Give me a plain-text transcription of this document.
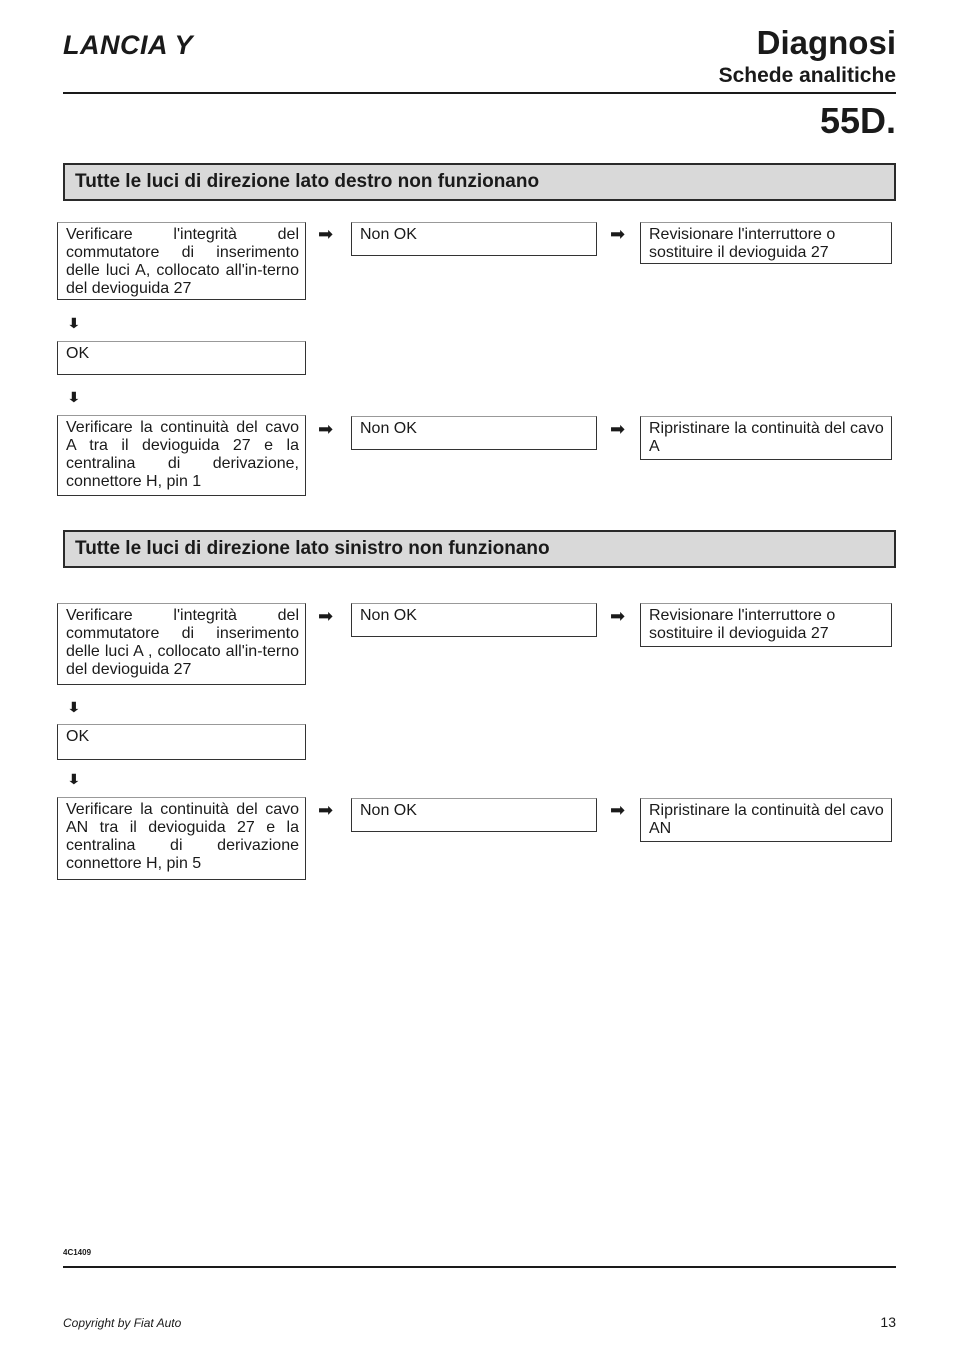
LANCIA Y	Diagnosi
Schede analitiche
55D.
Tutte le luci di direzione lato destro non funzionano
Verificare l'integrità del commutatore di inserimento delle luci A, collocato all'in-terno del devioguida 27
➡	Non OK	➡	Revisionare l'interruttore o sostituire il devioguida 27
⬇
OK
⬇
Verificare la continuità del cavo A tra il devioguida 27 e la centralina di derivazione, connettore H, pin 1
➡	Non OK	➡	Ripristinare la continuità del cavo A
Tutte le luci di direzione lato sinistro non funzionano
Verificare l'integrità del commutatore di inserimento delle luci A , collocato all'in-terno del devioguida 27
➡	Non OK	➡	Revisionare l'interruttore o sostituire il devioguida 27
⬇
OK
⬇
Verificare la continuità del cavo AN tra il devioguida 27 e la centralina di derivazione connettore H, pin 5
➡	Non OK	➡	Ripristinare la continuità del cavo AN
4C1409
Copyright by Fiat Auto	13
